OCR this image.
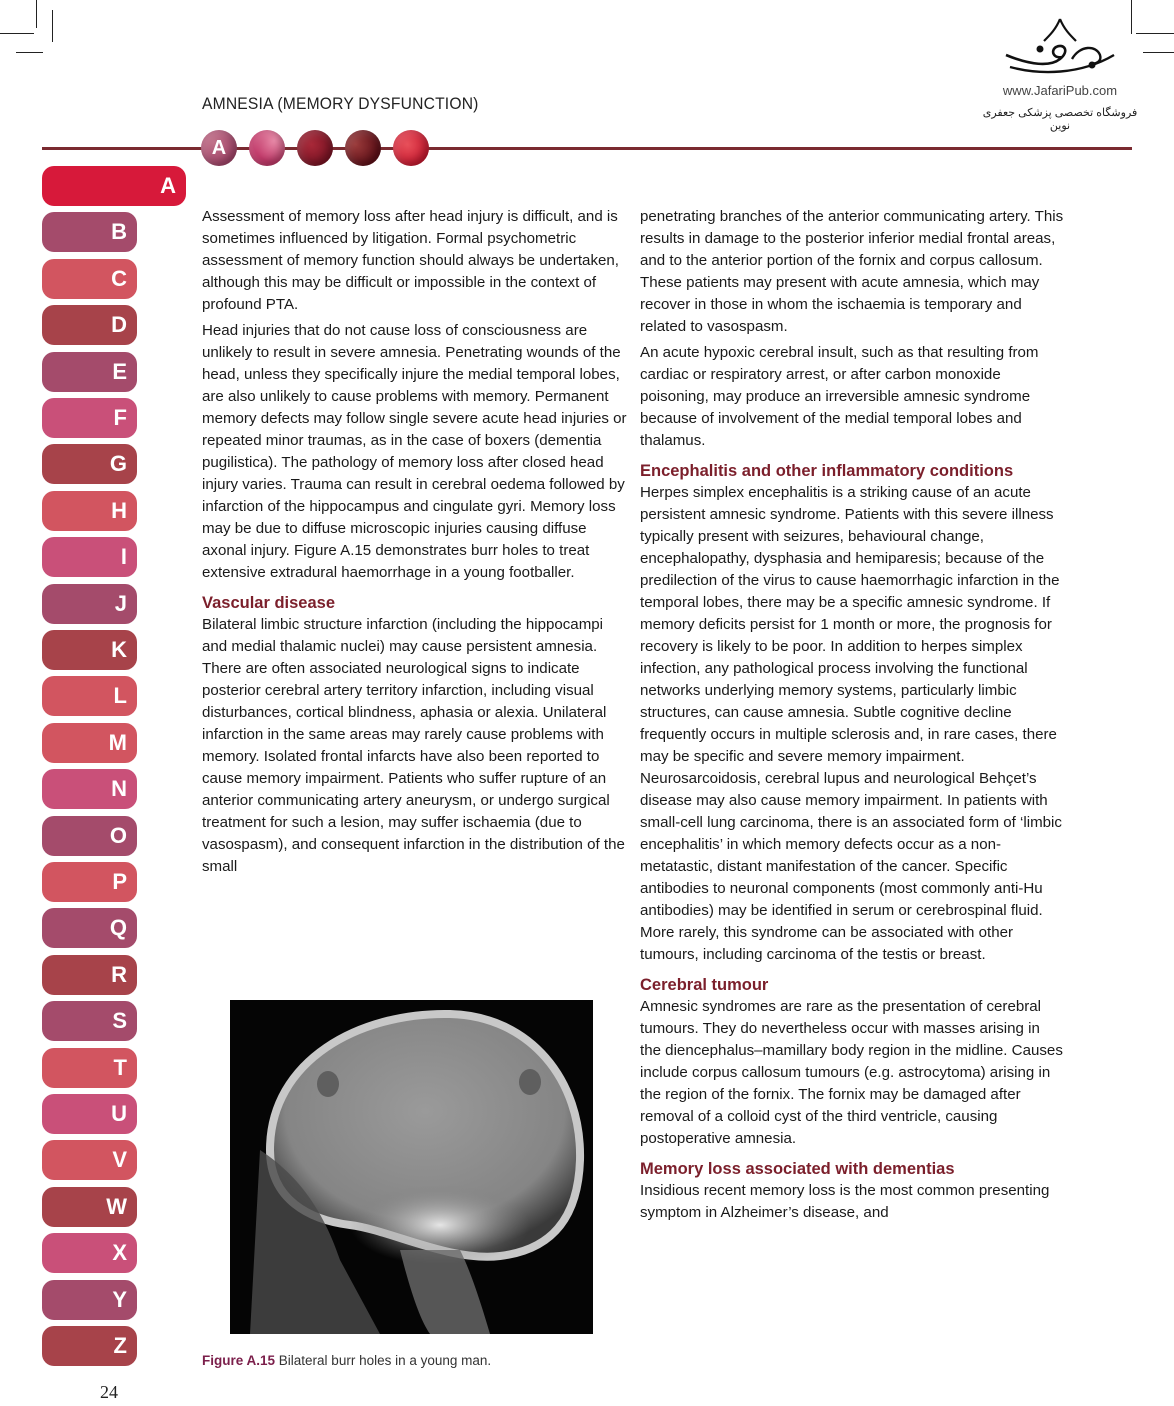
AMNESIA (MEMORY DYSFUNCTION)
A
www.JafariPub.com
فروشگاه تخصصی پزشکی جعفری نوین
A
B
C
D
E
F
G
H
I
J
K
L
M
N
O
P
Q
R
S
T
U
V
W
X
Y
Z
24

Assessment of memory loss after head injury is difficult, and is sometimes influenced by litigation. Formal psychometric assessment of memory function should always be undertaken, although this may be difficult or impossible in the context of profound PTA.

Head injuries that do not cause loss of consciousness are unlikely to result in severe amnesia. Penetrating wounds of the head, unless they specifically injure the medial temporal lobes, are also unlikely to cause problems with memory. Permanent memory defects may follow single severe acute head injuries or repeated minor traumas, as in the case of boxers (dementia pugilistica). The pathology of memory loss after closed head injury varies. Trauma can result in cerebral oedema followed by infarction of the hippocampus and cingulate gyri. Memory loss may be due to diffuse microscopic injuries causing diffuse axonal injury. Figure A.15 demonstrates burr holes to treat extensive extradural haemorrhage in a young footballer.

Vascular disease

Bilateral limbic structure infarction (including the hippocampi and medial thalamic nuclei) may cause persistent amnesia. There are often associated neurological signs to indicate posterior cerebral artery territory infarction, including visual disturbances, cortical blindness, aphasia or alexia. Unilateral infarction in the same areas may rarely cause problems with memory. Isolated frontal infarcts have also been reported to cause memory impairment. Patients who suffer rupture of an anterior communicating artery aneurysm, or undergo surgical treatment for such a lesion, may suffer ischaemia (due to vasospasm), and consequent infarction in the distribution of the small

Figure A.15 Bilateral burr holes in a young man.

penetrating branches of the anterior communicating artery. This results in damage to the posterior inferior medial frontal areas, and to the anterior portion of the fornix and corpus callosum. These patients may present with acute amnesia, which may recover in those in whom the ischaemia is temporary and related to vasospasm.

An acute hypoxic cerebral insult, such as that resulting from cardiac or respiratory arrest, or after carbon monoxide poisoning, may produce an irreversible amnesic syndrome because of involvement of the medial temporal lobes and thalamus.

Encephalitis and other inflammatory conditions

Herpes simplex encephalitis is a striking cause of an acute persistent amnesic syndrome. Patients with this severe illness typically present with seizures, behavioural change, encephalopathy, dysphasia and hemiparesis; because of the predilection of the virus to cause haemorrhagic infarction in the temporal lobes, there may be a specific amnesic syndrome. If memory deficits persist for 1 month or more, the prognosis for recovery is likely to be poor. In addition to herpes simplex infection, any pathological process involving the functional networks underlying memory systems, particularly limbic structures, can cause amnesia. Subtle cognitive decline frequently occurs in multiple sclerosis and, in rare cases, there may be specific and severe memory impairment. Neurosarcoidosis, cerebral lupus and neurological Behçet’s disease may also cause memory impairment. In patients with small-cell lung carcinoma, there is an associated form of ‘limbic encephalitis’ in which memory defects occur as a non-metatastic, distant manifestation of the cancer. Specific antibodies to neuronal components (most commonly anti-Hu antibodies) may be identified in serum or cerebrospinal fluid. More rarely, this syndrome can be associated with other tumours, including carcinoma of the testis or breast.

Cerebral tumour

Amnesic syndromes are rare as the presentation of cerebral tumours. They do nevertheless occur with masses arising in the diencephalus–mamillary body region in the midline. Causes include corpus callosum tumours (e.g. astrocytoma) arising in the region of the fornix. The fornix may be damaged after removal of a colloid cyst of the third ventricle, causing postoperative amnesia.

Memory loss associated with dementias

Insidious recent memory loss is the most common presenting symptom in Alzheimer’s disease, and
